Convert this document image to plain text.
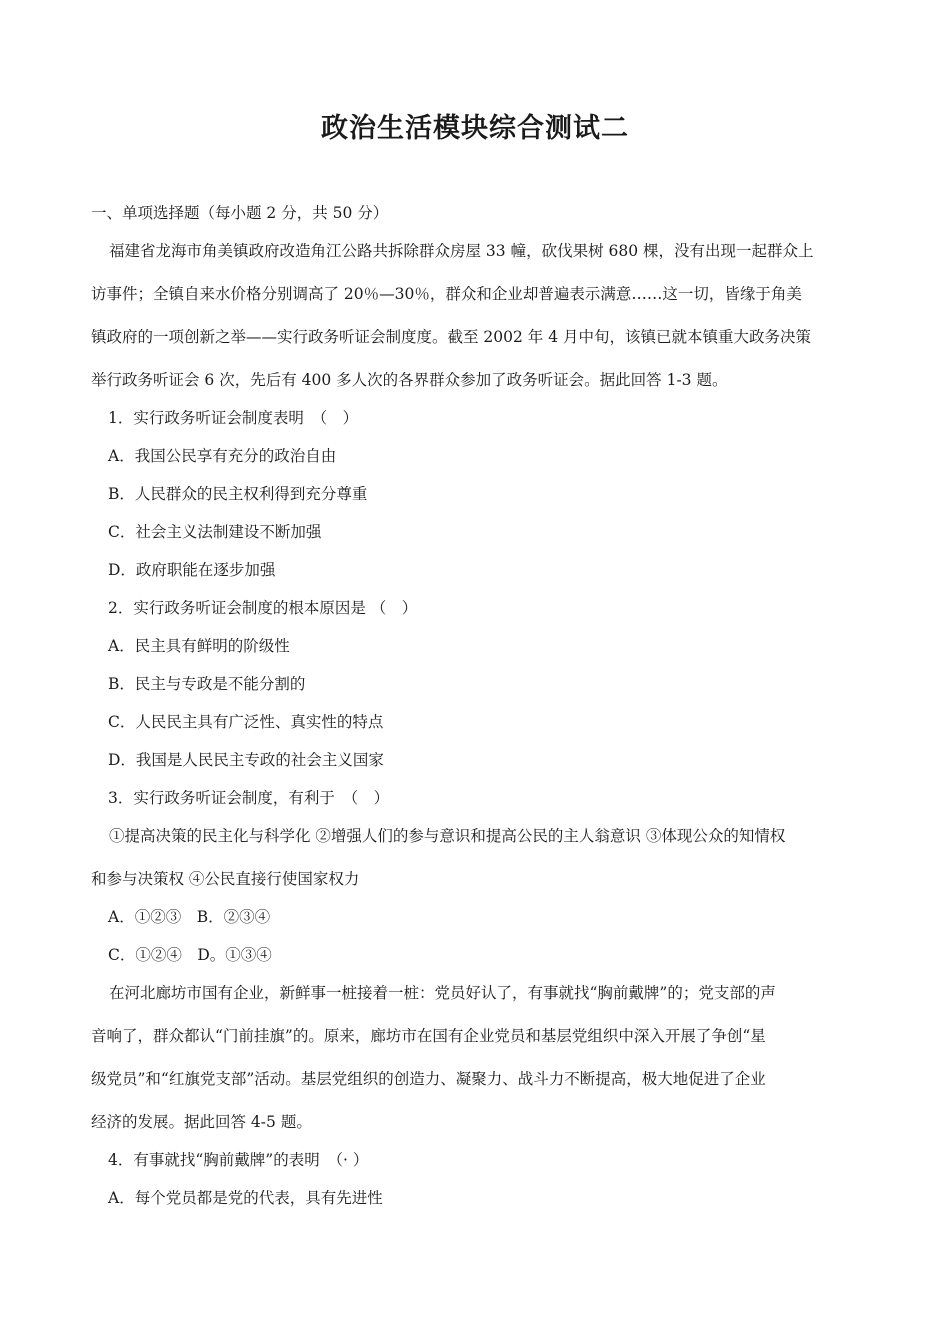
政治生活模块综合测试二
一、单项选择题（每小题 2 分，共 50 分）
福建省龙海市角美镇政府改造角江公路共拆除群众房屋 33 幢，砍伐果树 680 棵，没有出现一起群众上
访事件；全镇自来水价格分别调高了 20％—30％，群众和企业却普遍表示满意……这一切，皆缘于角美
镇政府的一项创新之举——实行政务听证会制度度。截至 2002 年 4 月中旬，该镇已就本镇重大政务决策
举行政务听证会 6 次，先后有 400 多人次的各界群众参加了政务听证会。据此回答 1-3 题。
1．实行政务听证会制度表明　（　）
A．我国公民享有充分的政治自由
B．人民群众的民主权利得到充分尊重
C．社会主义法制建设不断加强
D．政府职能在逐步加强
2．实行政务听证会制度的根本原因是 （　）
A．民主具有鲜明的阶级性
B．民主与专政是不能分割的
C．人民民主具有广泛性、真实性的特点
D．我国是人民民主专政的社会主义国家
3．实行政务听证会制度，有利于　（　）
①提高决策的民主化与科学化 ②增强人们的参与意识和提高公民的主人翁意识 ③体现公众的知情权
和参与决策权 ④公民直接行使国家权力
A．①②③　B．②③④
C．①②④　D。①③④
在河北廊坊市国有企业，新鲜事一桩接着一桩：党员好认了，有事就找“胸前戴牌”的；党支部的声
音响了，群众都认“门前挂旗”的。原来，廊坊市在国有企业党员和基层党组织中深入开展了争创“星
级党员”和“红旗党支部”活动。基层党组织的创造力、凝聚力、战斗力不断提高，极大地促进了企业
经济的发展。据此回答 4-5 题。
4．有事就找“胸前戴牌”的表明　（· ）
A．每个党员都是党的代表，具有先进性
